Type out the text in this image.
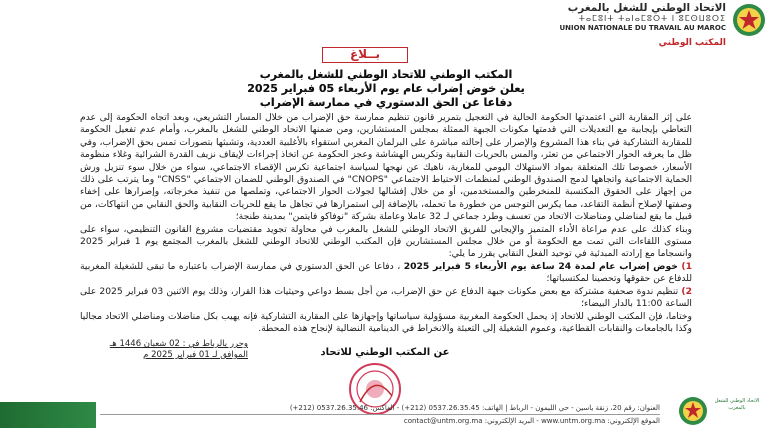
الاتحاد الوطني للشغل بالمغرب
ⵜⴰⵎⵓⵏⵜ ⵜⴰⵏⴰⵎⵓⵔⵜ ⵏ ⵓⵎⵙⵡⵓⵔⵉ
UNION NATIONALE DU TRAVAIL AU MAROC
المكتب الوطني
بــلاغ
المكتب الوطني للاتحاد الوطني للشغل بالمغرب
يعلن خوض إضراب عام يوم الأربعاء 05 فبراير 2025
دفاعا عن الحق الدستوري في ممارسة الإضراب

على إثر المقاربة التي اعتمدتها الحكومة الحالية في التعجيل بتمرير قانون تنظيم ممارسة حق الإضراب من خلال المسار التشريعي، وبعد اتجاه الحكومة إلى عدم التعاطي بإيجابية مع التعديلات التي قدمتها مكونات الجبهة الممثلة بمجلس المستشارين، ومن ضمنها الاتحاد الوطني للشغل بالمغرب، وأمام عدم تفعيل الحكومة للمقاربة التشاركية في بناء هذا المشروع والإصرار على إحالته مباشرة على البرلمان المغربي استقواء بالأغلبية العددية، وتشبثها بتصورات تمس بحق الإضراب، وفي ظل ما يعرفه الحوار الاجتماعي من تعثر، والمس بالحريات النقابية وتكريس الهشاشة وعجز الحكومة عن اتخاذ إجراءات لإيقاف نزيف القدرة الشرائية وغلاء منظومة الأسعار، خصوصا تلك المتعلقة بمواد الاستهلاك اليومي للمغاربة، ناهيك عن نهجها لسياسة اجتماعية تكرس الإقصاء الاجتماعي، سواء من خلال سوء تنزيل ورش الحماية الاجتماعية واتجاهها لدمج الصندوق الوطني لمنظمات الاحتياط الاجتماعي "CNOPS" في الصندوق الوطني للضمان الاجتماعي "CNSS" وما يترتب على ذلك من إجهاز على الحقوق المكتسبة للمنخرطين والمستخدمين، أو من خلال إفشالها لجولات الحوار الاجتماعي، وتملصها من تنفيذ مخرجاته، وإصرارها على إخفاء وصفتها لإصلاح أنظمة التقاعد، مما يكرس التوجس من خطورة ما تحمله، بالإضافة إلى استمرارها في تجاهل ما يقع للحريات النقابية والحق النقابي من انتهاكات، من قبيل ما يقع لمناضلي ومناضلات الاتحاد من تعسف وطرد جماعي لـ 32 عاملا وعاملة بشركة "نوفاكو فايتمن" بمدينة طنجة؛

وبناء كذلك على عدم مراعاة الأداء المتميز والإيجابي للفريق الاتحاد الوطني للشغل بالمغرب في محاولة تجويد مقتضيات مشروع القانون التنظيمي، سواء على مستوى اللقاءات التي تمت مع الحكومة أو من خلال مجلس المستشارين فإن المكتب الوطني للاتحاد الوطني للشغل بالمغرب المجتمع يوم 1 فبراير 2025 وانسجاما مع إرادته المبدئية في توحيد الفعل النقابي يقرر ما يلي:

1) خوض إضراب عام لمدة 24 ساعة يوم الأربعاء 5 فبراير 2025 ، دفاعا عن الحق الدستوري في ممارسة الإضراب باعتباره ما تبقى للشغيلة المغربية للدفاع عن حقوقها وتحصينا لمكتسباتها؛

2) تنظيم ندوة صحفية مشتركة مع بعض مكونات جبهة الدفاع عن حق الإضراب، من أجل بسط دواعي وحيثيات هذا القرار، وذلك يوم الاثنين 03 فبراير 2025 على الساعة 11:00 بالدار البيضاء؛

وختاما، فإن المكتب الوطني للاتحاد إذ يحمل الحكومة المغربية مسؤولية سياساتها وإجهازها على المقاربة التشاركية فإنه يهيب بكل مناضلات ومناضلي الاتحاد مجاليا وكذا بالجامعات والنقابات القطاعية، وعموم الشغيلة إلى التعبئة والانخراط في الدينامية النضالية لإنجاح هذه المحطة.

وحرر بالرباط في : 02 شعبان 1446 هـ
الموافق لـ 01 فبراير 2025 م	عن المكتب الوطني للاتحاد
العنوان: رقم 20، زنقة ياسين - حي الليمون - الرباط | الهاتف: 0537.26.35.45 (212+) - الفاكس: 0537.26.35.46 (212+)
الموقع الإلكتروني: www.untm.org.ma - البريد الإلكتروني: contact@untm.org.ma
الاتحاد الوطني للشغل بالمغرب
